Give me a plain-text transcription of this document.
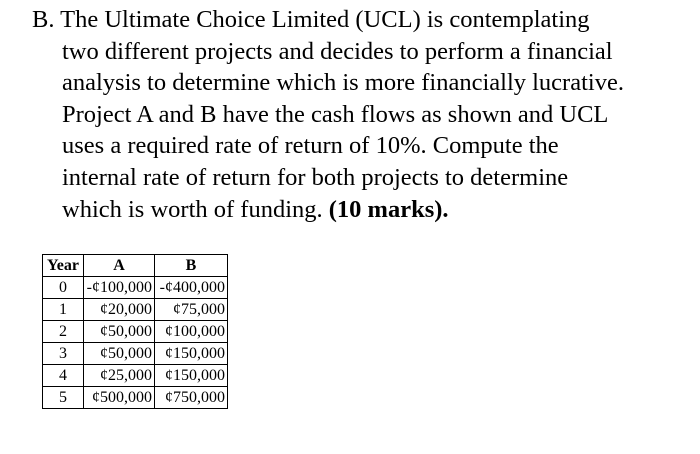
B. The Ultimate Choice Limited (UCL) is contemplating
two different projects and decides to perform a financial
analysis to determine which is more financially lucrative.
Project A and B have the cash flows as shown and UCL
uses a required rate of return of 10%. Compute the
internal rate of return for both projects to determine
which is worth of funding. (10 marks).
Year	A	B
0	-¢100,000	-¢400,000
1	¢20,000	¢75,000
2	¢50,000	¢100,000
3	¢50,000	¢150,000
4	¢25,000	¢150,000
5	¢500,000	¢750,000
